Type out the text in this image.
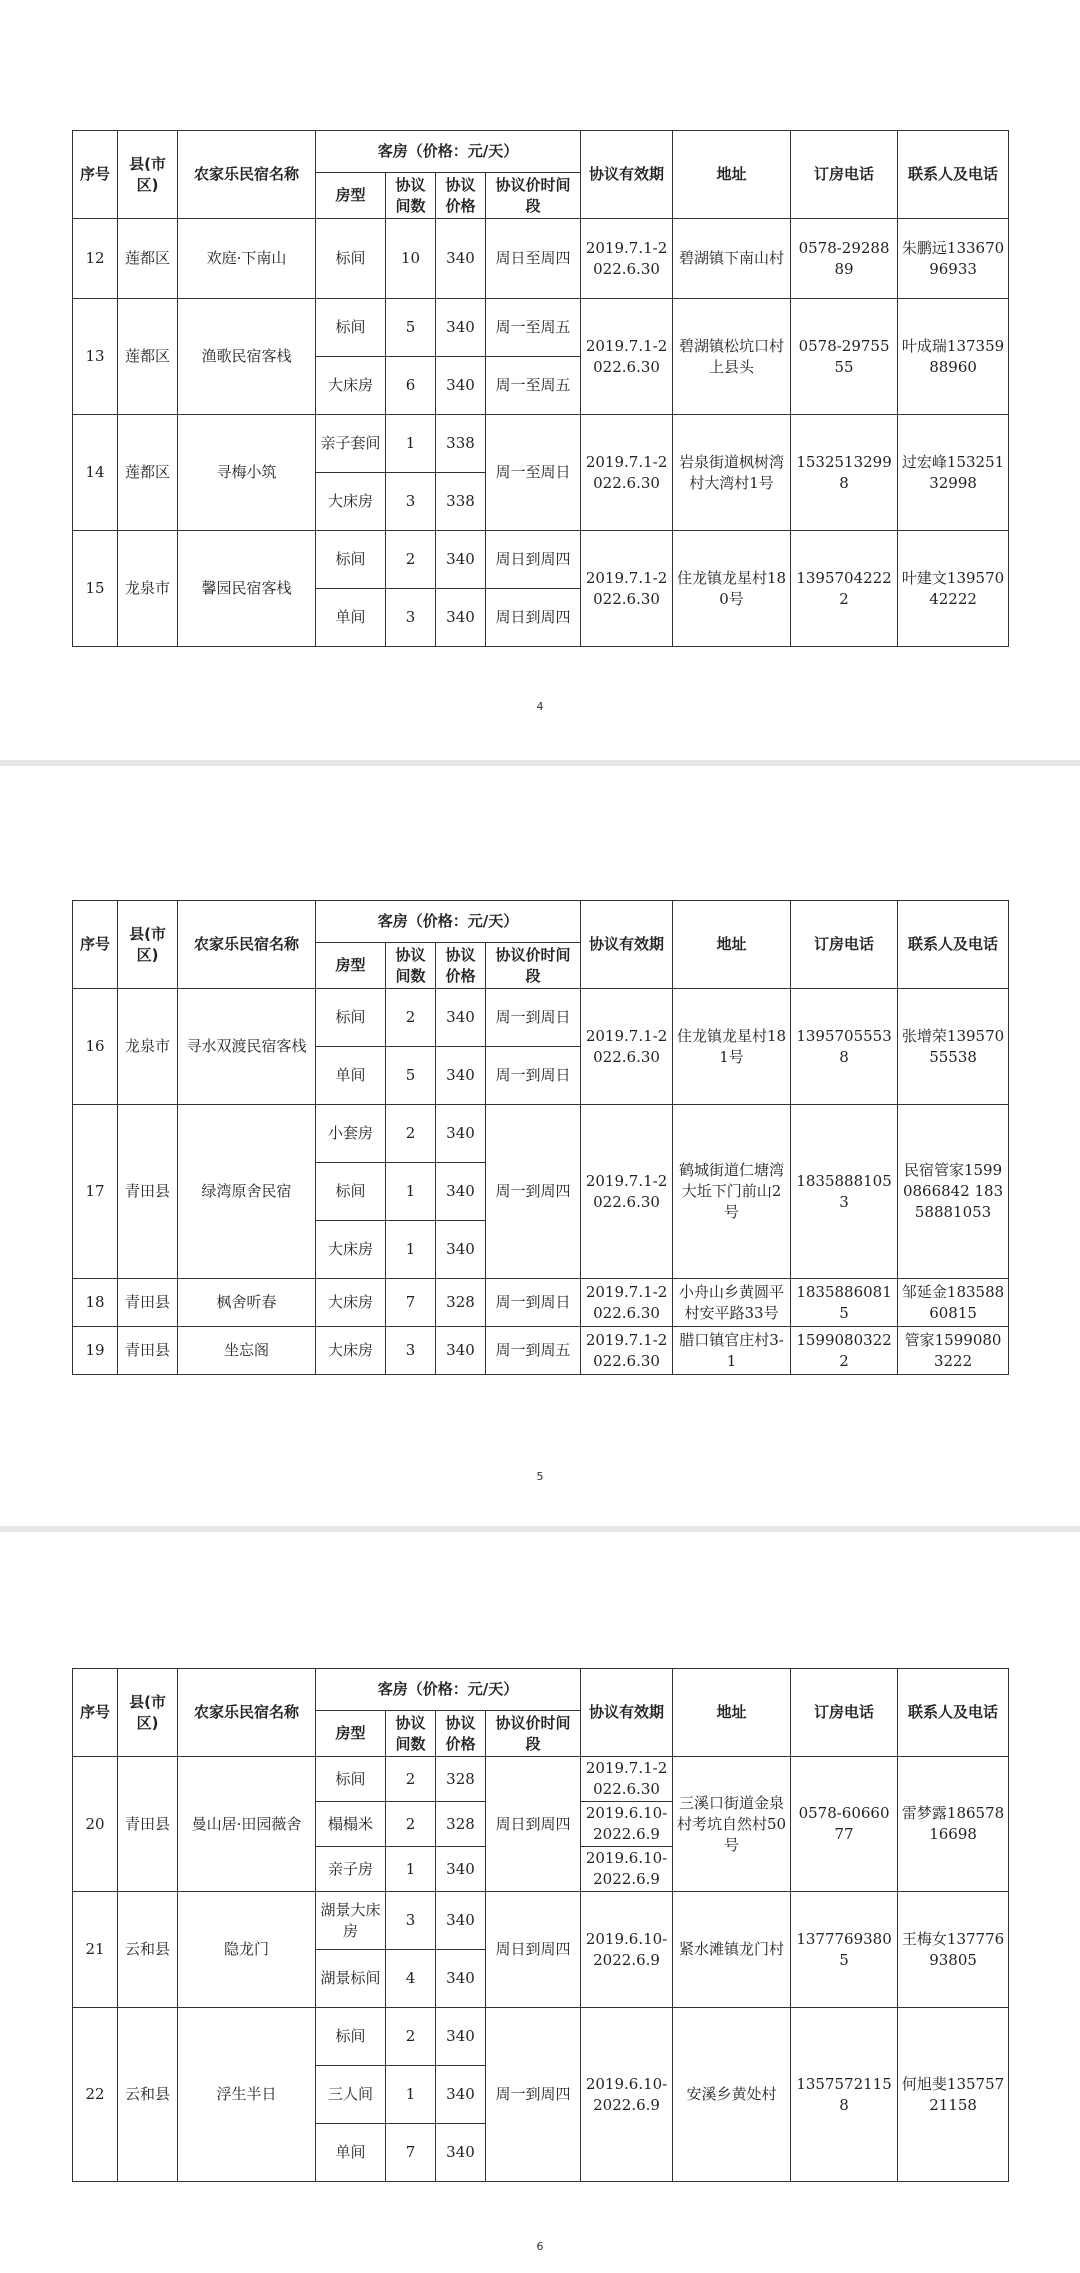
序号	县(市区)	农家乐民宿名称	客房（价格：元/天）				协议有效期	地址	订房电话	联系人及电话
			房型	协议间数	协议价格	协议价时间段				
12	莲都区	欢庭·下南山	标间	10	340	周日至周四	2019.7.1-2022.6.30	碧湖镇下南山村	0578-2928889	朱鹏远13367096933
13	莲都区	渔歌民宿客栈	标间	5	340	周一至周五	2019.7.1-2022.6.30	碧湖镇松坑口村上县头	0578-2975555	叶成瑞13735988960
			大床房	6	340	周一至周五				
14	莲都区	寻梅小筑	亲子套间	1	338	周一至周日	2019.7.1-2022.6.30	岩泉街道枫树湾村大湾村1号	15325132998	过宏峰15325132998
			大床房	3	338					
15	龙泉市	馨园民宿客栈	标间	2	340	周日到周四	2019.7.1-2022.6.30	住龙镇龙星村180号	13957042222	叶建文13957042222
			单间	3	340	周日到周四				
序号	县(市区)	农家乐民宿名称	客房（价格：元/天）				协议有效期	地址	订房电话	联系人及电话
			房型	协议间数	协议价格	协议价时间段				
16	龙泉市	寻水双渡民宿客栈	标间	2	340	周一到周日	2019.7.1-2022.6.30	住龙镇龙星村181号	13957055538	张增荣13957055538
			单间	5	340	周一到周日				
17	青田县	绿湾原舍民宿	小套房	2	340	周一到周四	2019.7.1-2022.6.30	鹤城街道仁塘湾大坵下门前山2号	18358881053	民宿管家15990866842 18358881053
			标间	1	340					
			大床房	1	340					
18	青田县	枫舍听春	大床房	7	328	周一到周日	2019.7.1-2022.6.30	小舟山乡黄圆平村安平路33号	18358860815	邹延金18358860815
19	青田县	坐忘阁	大床房	3	340	周一到周五	2019.7.1-2022.6.30	腊口镇官庄村3-1	15990803222	管家15990803222
序号	县(市区)	农家乐民宿名称	客房（价格：元/天）				协议有效期	地址	订房电话	联系人及电话
			房型	协议间数	协议价格	协议价时间段				
20	青田县	曼山居·田园薇舍	标间	2	328	周日到周四	2019.7.1-2022.6.30	三溪口街道金泉村考坑自然村50号	0578-6066077	雷梦露18657816698
			榻榻米	2	328		2019.6.10-2022.6.9			
			亲子房	1	340		2019.6.10-2022.6.9			
21	云和县	隐龙门	湖景大床房	3	340	周日到周四	2019.6.10-2022.6.9	紧水滩镇龙门村	13777693805	王梅女13777693805
			湖景标间	4	340					
22	云和县	浮生半日	标间	2	340	周一到周四	2019.6.10-2022.6.9	安溪乡黄处村	13575721158	何旭斐13575721158
			三人间	1	340					
			单间	7	340					
4
5
6
